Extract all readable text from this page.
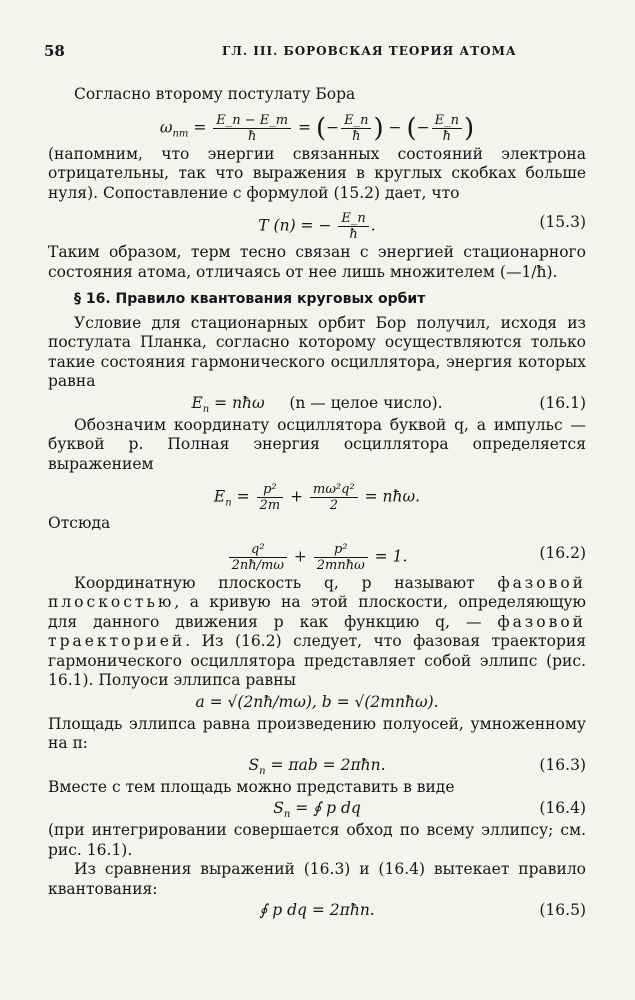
58	ГЛ. III. БОРОВСКАЯ ТЕОРИЯ АТОМА

Согласно второму постулату Бора

$\omega_{nm} = \frac{E\_n - E\_m}{ħ}$ = (− $\frac{E\_n}{ħ}$ ) − (− $\frac{E\_n}{ħ}$ )

(напомним, что энергии связанных состояний электрона отрицательны, так что выражения в круглых скобках больше нуля). Сопоставление с формулой (15.2) дает, что

T (n) = − $\frac{E\_n}{ħ}$ .	(15.3)

Таким образом, терм тесно связан с энергией стационарного состояния атома, отличаясь от нее лишь множителем (—1/ħ).

§ 16. Правило квантования круговых орбит

Условие для стационарных орбит Бор получил, исходя из постулата Планка, согласно которому осуществляются только такие состояния гармонического осциллятора, энергия которых равна

$E_n$ = nħω (n — целое число).	(16.1)

Обозначим координату осциллятора буквой q, а импульс — буквой p. Полная энергия осциллятора определяется выражением

$E_n = \frac{\text{p²}}{2m} + \frac{\text{mω²q²}}{2}$ = nħω.

Отсюда

$\frac{\text{q²}}{2nħ/m\omega} + \frac{\text{p²}}{\text{2mnħω}} = 1$.	(16.2)

Координатную плоскость q, p называют фазовой плоскостью, а кривую на этой плоскости, определяющую для данного движения p как функцию q, — фазовой траекторией. Из (16.2) следует, что фазовая траектория гармонического осциллятора представляет собой эллипс (рис. 16.1). Полуоси эллипса равны

a = √(2nħ/mω), b = √(2mnħω).

Площадь эллипса равна произведению полуосей, умноженному на π:

$S_n = \pi ab$ = 2πħn.	(16.3)

Вместе с тем площадь можно представить в виде

$S_n$ = ∮ p dq	(16.4)

(при интегрировании совершается обход по всему эллипсу; см. рис. 16.1).

Из сравнения выражений (16.3) и (16.4) вытекает правило квантования:

∮ p dq = 2πħn.	(16.5)
